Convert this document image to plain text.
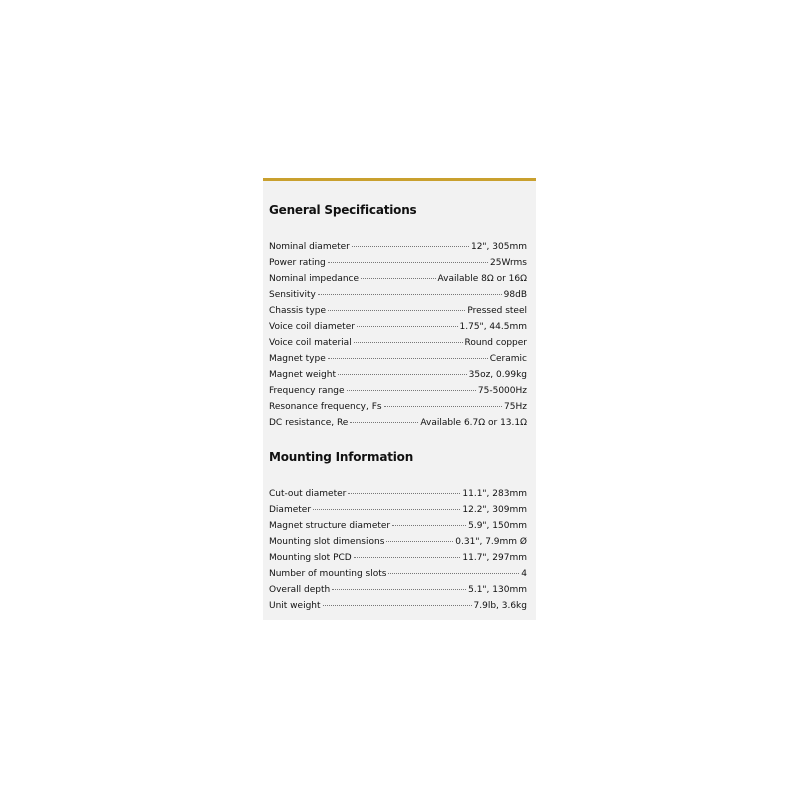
General Specifications
Nominal diameter	12", 305mm
Power rating	25Wrms
Nominal impedance	Available 8Ω or 16Ω
Sensitivity	98dB
Chassis type	Pressed steel
Voice coil diameter	1.75", 44.5mm
Voice coil material	Round copper
Magnet type	Ceramic
Magnet weight	35oz, 0.99kg
Frequency range	75-5000Hz
Resonance frequency, Fs	75Hz
DC resistance, Re	Available 6.7Ω or 13.1Ω
Mounting Information
Cut-out diameter	11.1", 283mm
Diameter	12.2", 309mm
Magnet structure diameter	5.9", 150mm
Mounting slot dimensions	0.31", 7.9mm Ø
Mounting slot PCD	11.7", 297mm
Number of mounting slots	4
Overall depth	5.1", 130mm
Unit weight	7.9lb, 3.6kg
